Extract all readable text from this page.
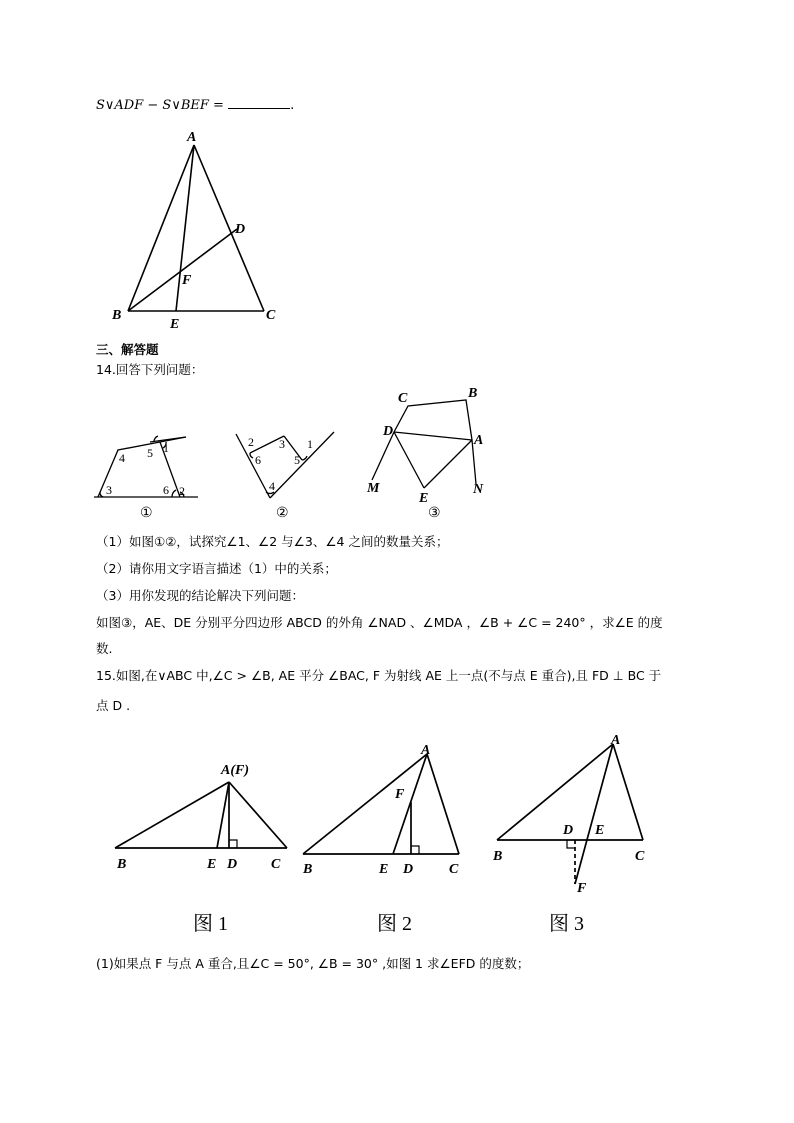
S∨ADF − S∨BEF =	.
A
B	C
D
E
F
三、解答题
14.回答下列问题：
2
3
4 5 1
6
①
2 3 1
6	5
4
②
C	B
D
A
M
E
N
③
（1）如图①②，试探究∠1、∠2 与∠3、∠4 之间的数量关系；
（2）请你用文字语言描述（1）中的关系；
（3）用你发现的结论解决下列问题：
如图③，AE、DE 分别平分四边形 ABCD 的外角 ∠NAD 、∠MDA ，∠B + ∠C = 240° ，求∠E 的度
数.
15.如图,在∨ABC 中,∠C > ∠B, AE 平分 ∠BAC, F 为射线 AE 上一点(不与点 E 重合),且 FD ⊥ BC 于
点 D .
A(F)
B	E D C
图 1
A
F
B	E D	C
图 2
A
D E
B	C
F
图 3
(1)如果点 F 与点 A 重合,且∠C = 50°, ∠B = 30° ,如图 1 求∠EFD 的度数；
